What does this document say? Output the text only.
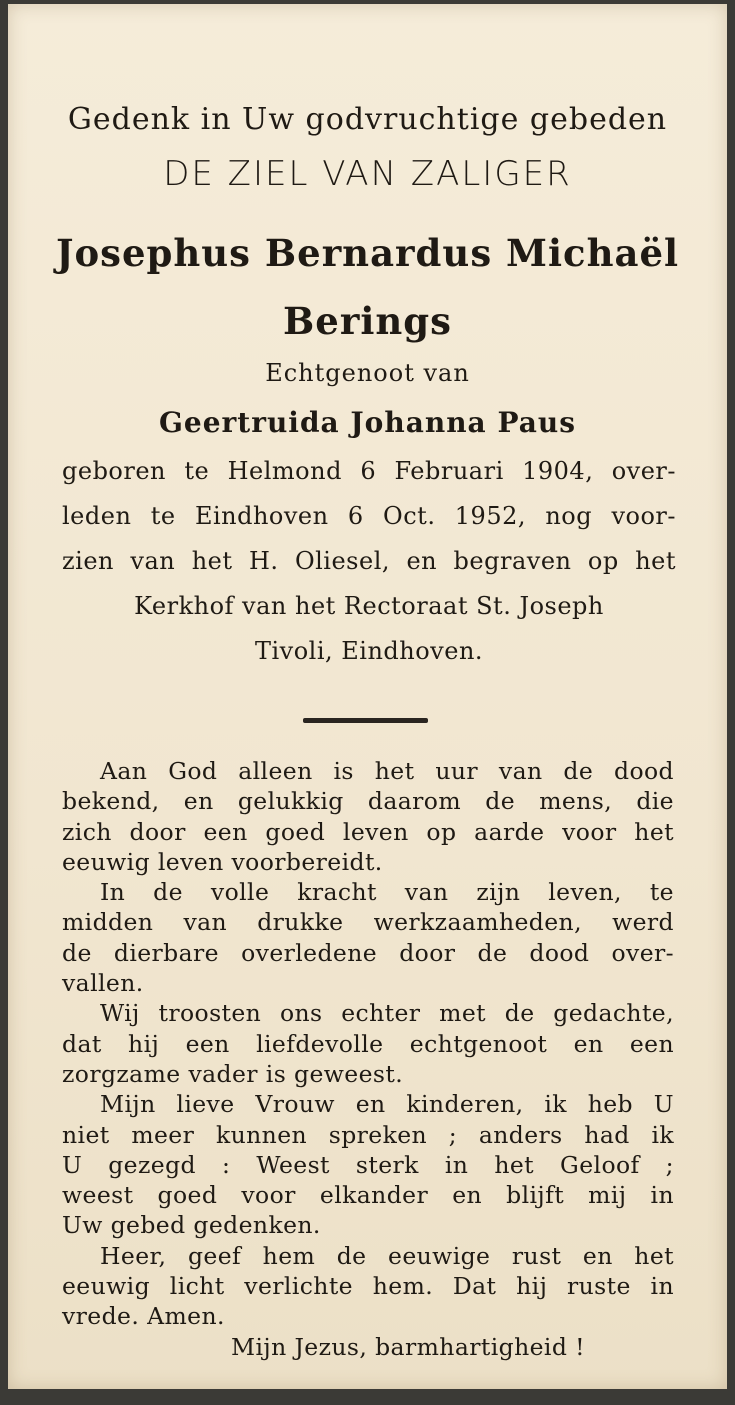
Gedenk in Uw godvruchtige gebeden
DE ZIEL VAN ZALIGER
Josephus Bernardus Michaël
Berings
Echtgenoot van
Geertruida Johanna Paus
geboren te Helmond 6 Februari 1904, over-
leden te Eindhoven 6 Oct. 1952, nog voor-
zien van het H. Oliesel, en begraven op het
Kerkhof van het Rectoraat St. Joseph
Tivoli, Eindhoven.
Aan God alleen is het uur van de dood
bekend, en gelukkig daarom de mens, die
zich door een goed leven op aarde voor het
eeuwig leven voorbereidt.
In de volle kracht van zijn leven, te
midden van drukke werkzaamheden, werd
de dierbare overledene door de dood over-
vallen.
Wij troosten ons echter met de gedachte,
dat hij een liefdevolle echtgenoot en een
zorgzame vader is geweest.
Mijn lieve Vrouw en kinderen, ik heb U
niet meer kunnen spreken ; anders had ik
U gezegd : Weest sterk in het Geloof ;
weest goed voor elkander en blijft mij in
Uw gebed gedenken.
Heer, geef hem de eeuwige rust en het
eeuwig licht verlichte hem. Dat hij ruste in
vrede. Amen.
Mijn Jezus, barmhartigheid !
